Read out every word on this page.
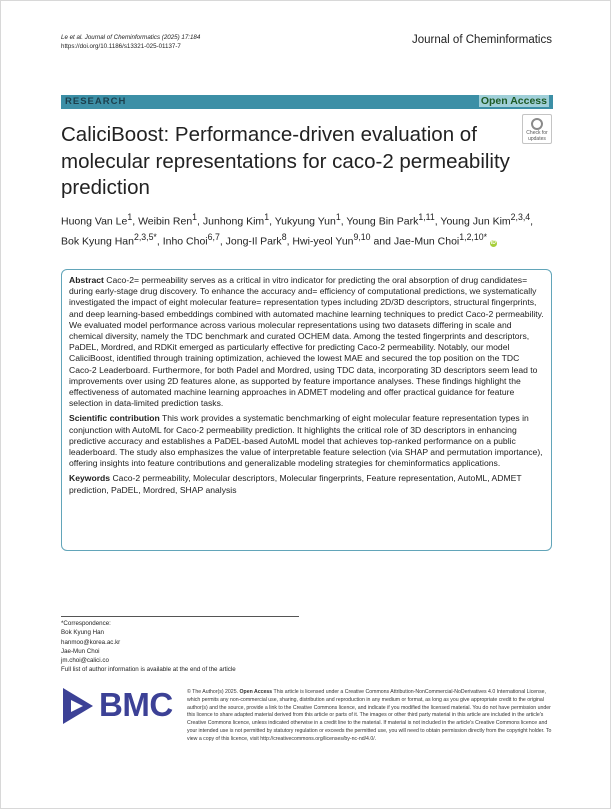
Le et al. Journal of Cheminformatics (2025) 17:184
https://doi.org/10.1186/s13321-025-01137-7
Journal of Cheminformatics
RESEARCH	Open Access
CaliciBoost: Performance-driven evaluation of molecular representations for caco-2 permeability prediction
Check for
updates
Huong Van Le$^1$, Weibin Ren$^1$, Junhong Kim$^1$, Yukyung Yun$^1$, Young Bin Park$^{1,11}$, Young Jun Kim$^{2,3,4}$, Bok Kyung Han$^{2,3,5*}$, Inho Choi$^{6,7}$, Jong-Il Park$^8$, Hwi-yeol Yun$^{9,10}$ and Jae-Mun Choi$^{1,2,10*}$ iD

Abstract Caco-2= permeability serves as a critical in vitro indicator for predicting the oral absorption of drug candidates= during early-stage drug discovery. To enhance the accuracy and= efficiency of computational predictions, we systematically investigated the impact of eight molecular feature= representation types including 2D/3D descriptors, structural fingerprints, and deep learning-based embeddings combined with automated machine learning techniques to predict Caco-2 permeability. We evaluated model performance across various molecular representations using two datasets differing in scale and chemical diversity, namely the TDC benchmark and curated OCHEM data. Among the tested fingerprints and descriptors, PaDEL, Mordred, and RDKit emerged as particularly effective for predicting Caco-2 permeability. Notably, our model CaliciBoost, identified through training optimization, achieved the lowest MAE and secured the top position on the TDC Caco-2 Leaderboard. Furthermore, for both Padel and Mordred, using TDC data, incorporating 3D descriptors seem lead to improvements over using 2D features alone, as supported by feature importance analyses. These findings highlight the effectiveness of automated machine learning approaches in ADMET modeling and offer practical guidance for feature selection in data-limited prediction tasks.

Scientific contribution This work provides a systematic benchmarking of eight molecular feature representation types in conjunction with AutoML for Caco-2 permeability prediction. It highlights the critical role of 3D descriptors in enhancing predictive accuracy and establishes a PaDEL-based AutoML model that achieves top-ranked performance on a public leaderboard. The study also emphasizes the value of interpretable feature selection (via SHAP and permutation importance), offering insights into feature contributions and generalizable modeling strategies for cheminformatics applications.

Keywords Caco-2 permeability, Molecular descriptors, Molecular fingerprints, Feature representation, AutoML, ADMET prediction, PaDEL, Mordred, SHAP analysis

*Correspondence:
Bok Kyung Han
hanmoo@korea.ac.kr
Jae-Mun Choi
jm.choi@calici.co
Full list of author information is available at the end of the article
BMC	© The Author(s) 2025. Open Access This article is licensed under a Creative Commons Attribution-NonCommercial-NoDerivatives 4.0 International License, which permits any non-commercial use, sharing, distribution and reproduction in any medium or format, as long as you give appropriate credit to the original author(s) and the source, provide a link to the Creative Commons licence, and indicate if you modified the licensed material. You do not have permission under this licence to share adapted material derived from this article or parts of it. The images or other third party material in this article are included in the article's Creative Commons licence, unless indicated otherwise in a credit line to the material. If material is not included in the article's Creative Commons licence and your intended use is not permitted by statutory regulation or exceeds the permitted use, you will need to obtain permission directly from the copyright holder. To view a copy of this licence, visit http://creativecommons.org/licenses/by-nc-nd/4.0/.
